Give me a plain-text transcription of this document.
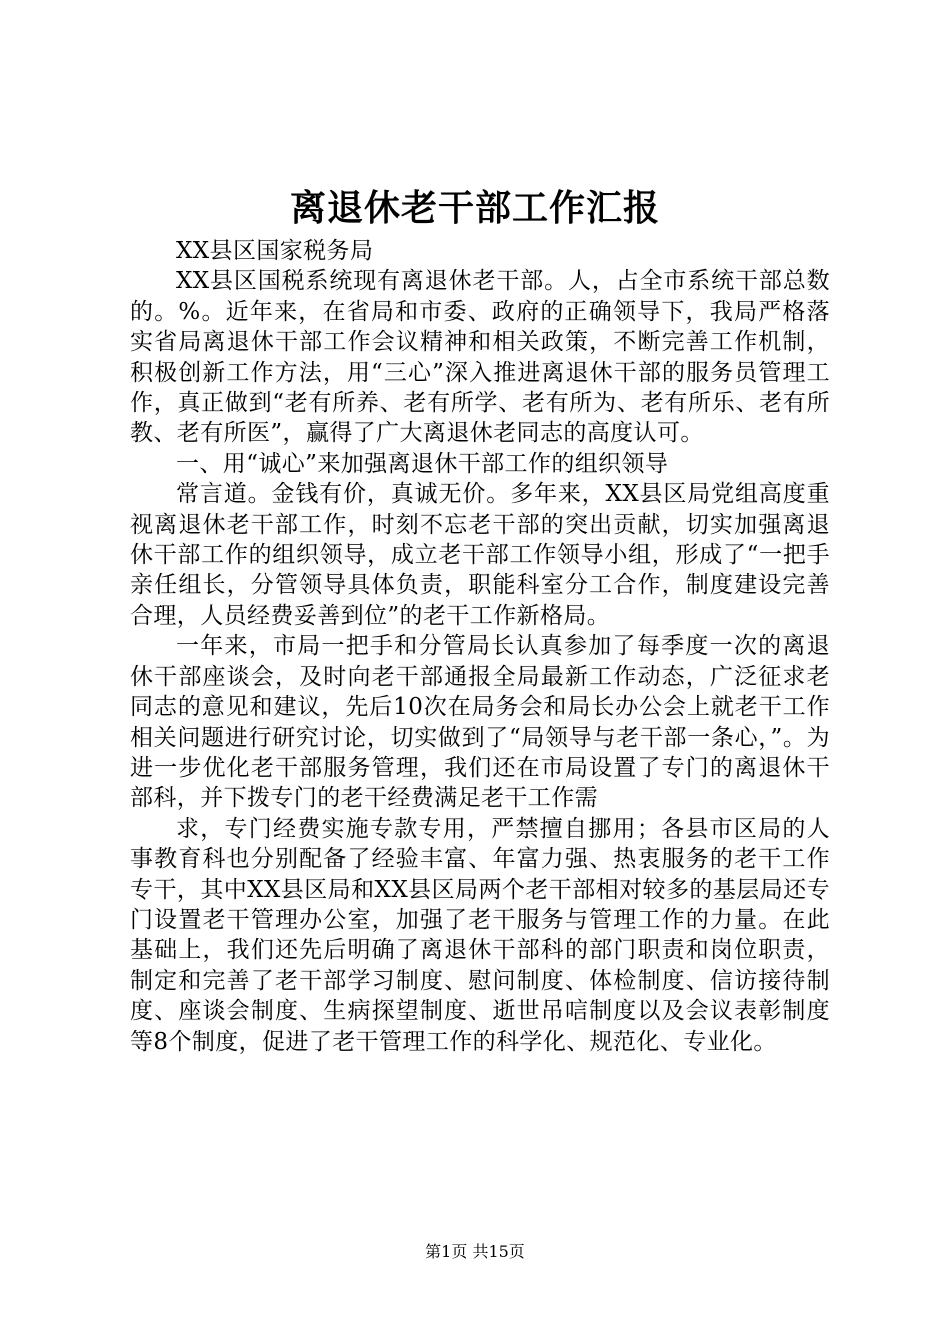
离退休老干部工作汇报

XX县区国家税务局

XX县区国税系统现有离退休老干部。人，占全市系统干部总数的。%。近年来，在省局和市委、政府的正确领导下，我局严格落实省局离退休干部工作会议精神和相关政策，不断完善工作机制，积极创新工作方法，用“三心”深入推进离退休干部的服务员管理工作，真正做到“老有所养、老有所学、老有所为、老有所乐、老有所教、老有所医”，赢得了广大离退休老同志的高度认可。

一、用“诚心”来加强离退休干部工作的组织领导

常言道。金钱有价，真诚无价。多年来，XX县区局党组高度重视离退休老干部工作，时刻不忘老干部的突出贡献，切实加强离退休干部工作的组织领导，成立老干部工作领导小组，形成了“一把手亲任组长，分管领导具体负责，职能科室分工合作，制度建设完善合理，人员经费妥善到位”的老干工作新格局。

一年来，市局一把手和分管局长认真参加了每季度一次的离退休干部座谈会，及时向老干部通报全局最新工作动态，广泛征求老同志的意见和建议，先后10次在局务会和局长办公会上就老干工作相关问题进行研究讨论，切实做到了“局领导与老干部一条心，”。为进一步优化老干部服务管理，我们还在市局设置了专门的离退休干部科，并下拨专门的老干经费满足老干工作需

求，专门经费实施专款专用，严禁擅自挪用；各县市区局的人事教育科也分别配备了经验丰富、年富力强、热衷服务的老干工作专干，其中XX县区局和XX县区局两个老干部相对较多的基层局还专门设置老干管理办公室，加强了老干服务与管理工作的力量。在此基础上，我们还先后明确了离退休干部科的部门职责和岗位职责，制定和完善了老干部学习制度、慰问制度、体检制度、信访接待制度、座谈会制度、生病探望制度、逝世吊唁制度以及会议表彰制度等8个制度，促进了老干管理工作的科学化、规范化、专业化。

第1页 共15页
